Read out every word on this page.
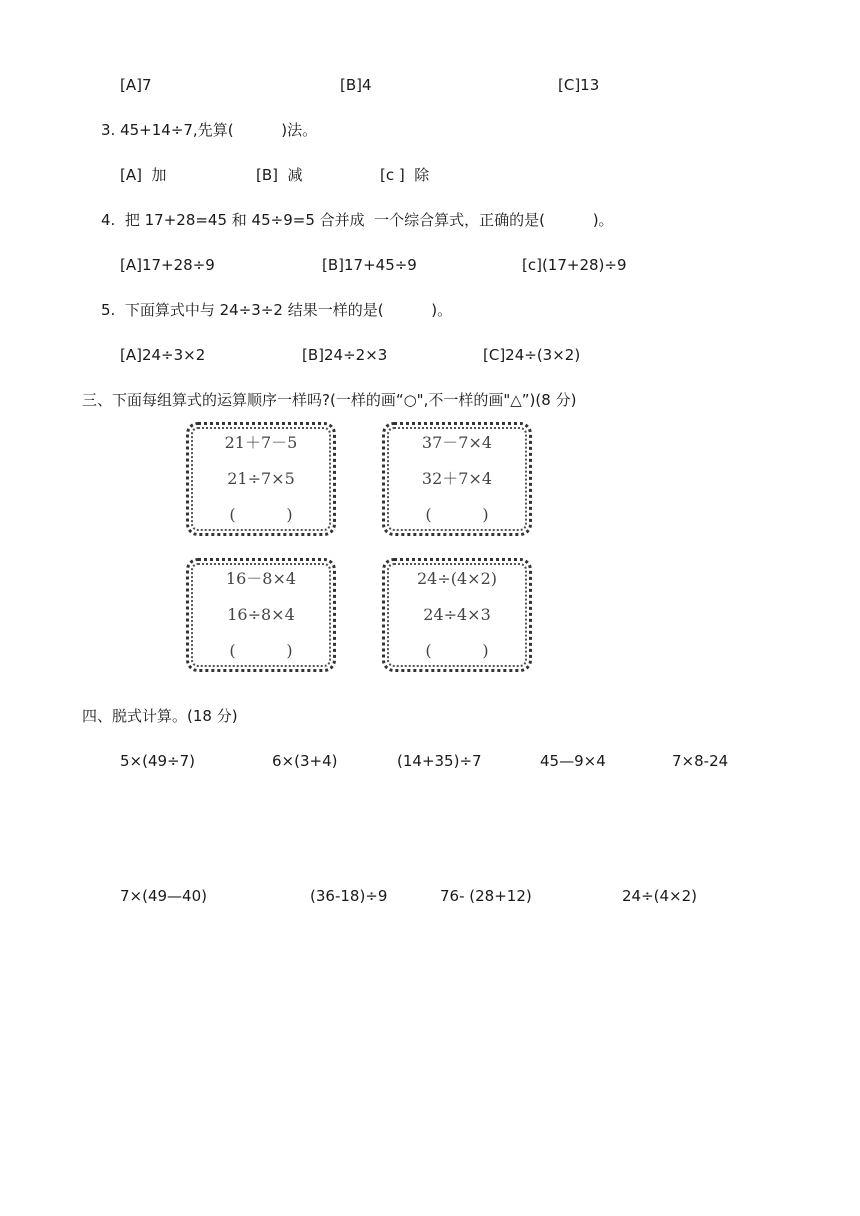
[A]7	[B]4	[C]13
3. 45+14÷7,先算(          )法。
[A]  加	[B]  减	[c ]  除
4.  把 17+28=45 和 45÷9=5 合并成  一个综合算式，正确的是(          )。
[A]17+28÷9	[B]17+45÷9	[c](17+28)÷9
5.  下面算式中与 24÷3÷2 结果一样的是(          )。
[A]24÷3×2	[B]24÷2×3	[C]24÷(3×2)
三、下面每组算式的运算顺序一样吗?(一样的画“○",不一样的画"△”)(8 分)
21＋7－5
21÷7×5
(          )
37－7×4
32＋7×4
(          )
16－8×4
16÷8×4
(          )
24÷(4×2)
24÷4×3
(          )
四、脱式计算。(18 分)
5×(49÷7)	6×(3+4)	(14+35)÷7	45—9×4	7×8-24
7×(49—40)	(36-18)÷9	76- (28+12)	24÷(4×2)
